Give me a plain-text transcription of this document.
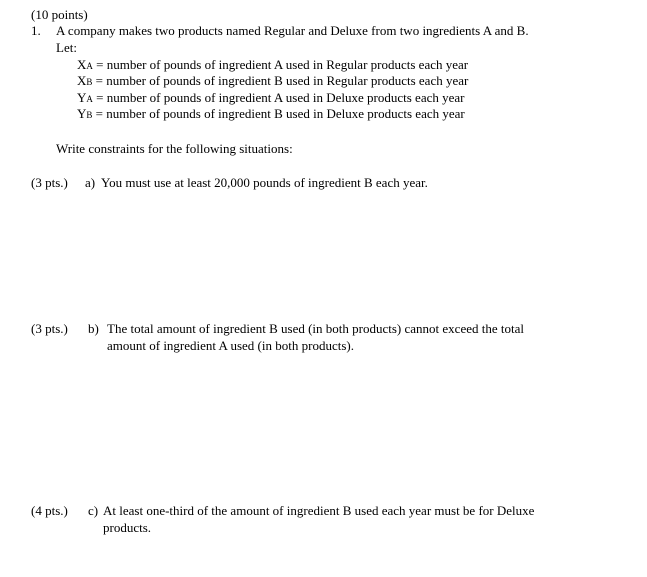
(10 points)
1. A company makes two products named Regular and Deluxe from two ingredients A and B.
Let:
XA = number of pounds of ingredient A used in Regular products each year
XB = number of pounds of ingredient B used in Regular products each year
YA = number of pounds of ingredient A used in Deluxe products each year
YB = number of pounds of ingredient B used in Deluxe products each year
Write constraints for the following situations:
(3 pts.) a) You must use at least 20,000 pounds of ingredient B each year.
(3 pts.) b) The total amount of ingredient B used (in both products) cannot exceed the total
amount of ingredient A used (in both products).
(4 pts.) c) At least one-third of the amount of ingredient B used each year must be for Deluxe
products.
